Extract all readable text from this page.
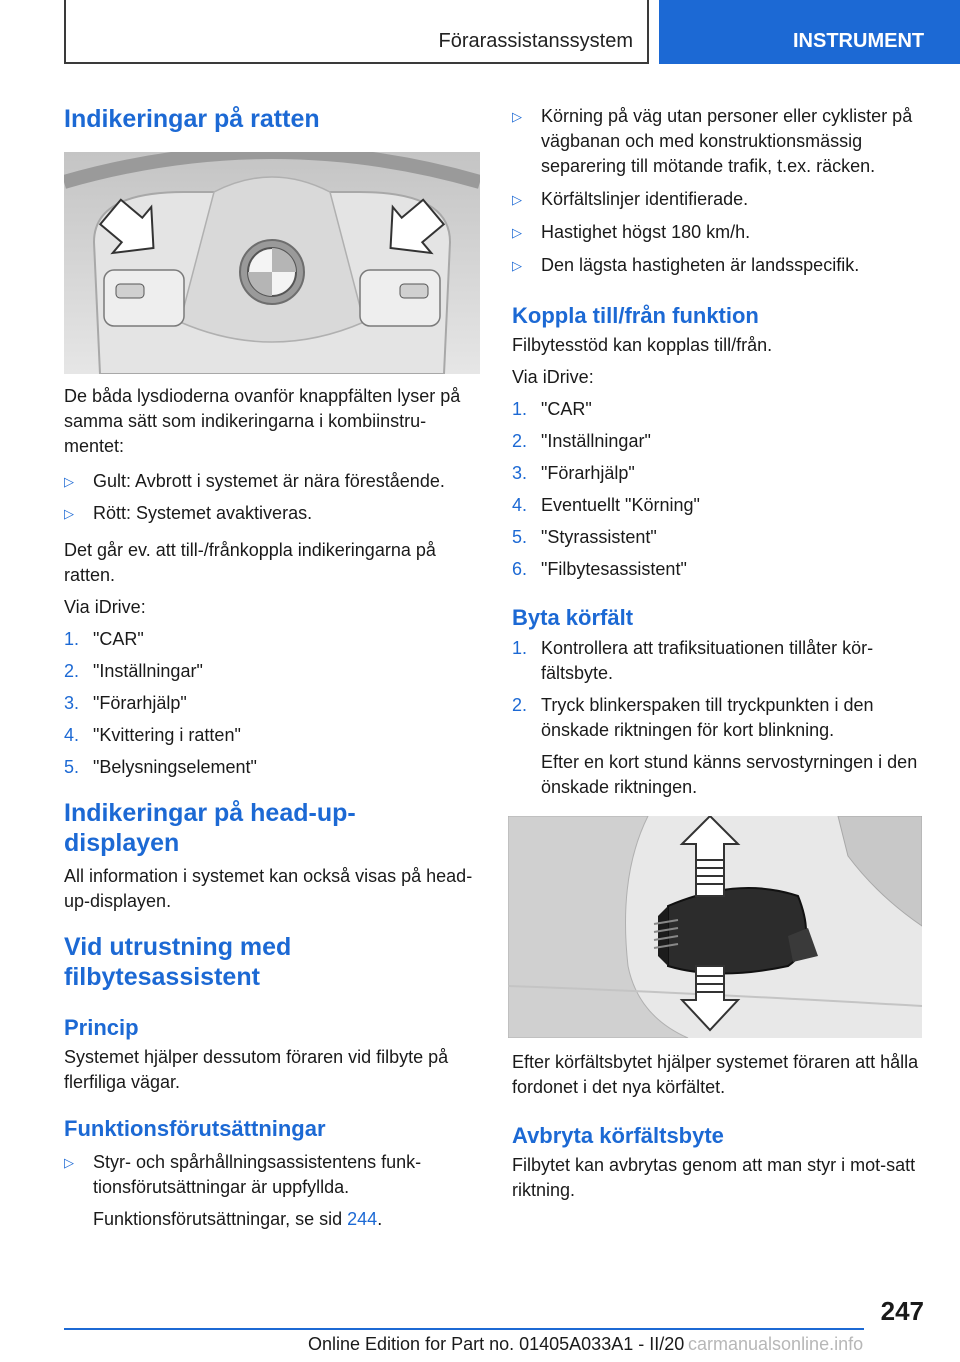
Förarassistanssystem	INSTRUMENT
Indikeringar på ratten

De båda lysdioderna ovanför knappfälten lyser på samma sätt som indikeringarna i kombiinstru-mentet:

▷ Gult: Avbrott i systemet är nära förestående.
▷ Rött: Systemet avaktiveras.

Det går ev. att till-/frånkoppla indikeringarna på ratten.

Via iDrive:

1. "CAR"
2. "Inställningar"
3. "Förarhjälp"
4. "Kvittering i ratten"
5. "Belysningselement"
Indikeringar på head-up-displayen

All information i systemet kan också visas på head-up-displayen.

Vid utrustning med filbytesassistent
Princip

Systemet hjälper dessutom föraren vid filbyte på flerfiliga vägar.

Funktionsförutsättningar
▷ Styr- och spårhållningsassistentens funk-tionsförutsättningar är uppfyllda.
Funktionsförutsättningar, se sid 244.
▷ Körning på väg utan personer eller cyklister på vägbanan och med konstruktionsmässig separering till mötande trafik, t.ex. räcken.
▷ Körfältslinjer identifierade.
▷ Hastighet högst 180 km/h.
▷ Den lägsta hastigheten är landsspecifik.
Koppla till/från funktion

Filbytesstöd kan kopplas till/från.

Via iDrive:

1. "CAR"
2. "Inställningar"
3. "Förarhjälp"
4. Eventuellt "Körning"
5. "Styrassistent"
6. "Filbytesassistent"
Byta körfält
1. Kontrollera att trafiksituationen tillåter kör-fältsbyte.
2. Tryck blinkerspaken till tryckpunkten i den önskade riktningen för kort blinkning.
Efter en kort stund känns servostyrningen i den önskade riktningen.

Efter körfältsbytet hjälper systemet föraren att hålla fordonet i det nya körfältet.

Avbryta körfältsbyte

Filbytet kan avbrytas genom att man styr i mot-satt riktning.

247
Online Edition for Part no. 01405A033A1 - II/20 carmanualsonline.info
